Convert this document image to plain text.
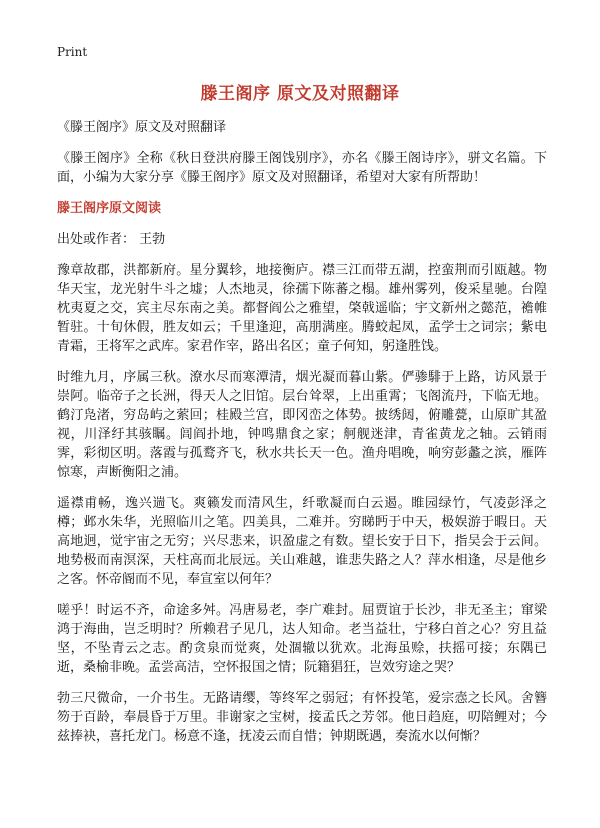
Print
滕王阁序 原文及对照翻译

《滕王阁序》原文及对照翻译

《滕王阁序》全称《秋日登洪府滕王阁饯别序》，亦名《滕王阁诗序》，骈文名篇。下面，小编为大家分享《滕王阁序》原文及对照翻译，希望对大家有所帮助！

滕王阁序原文阅读

出处或作者： 王勃

豫章故郡，洪都新府。星分翼轸，地接衡庐。襟三江而带五湖，控蛮荆而引瓯越。物华天宝，龙光射牛斗之墟；人杰地灵，徐孺下陈蕃之榻。雄州雾列，俊采星驰。台隍枕夷夏之交，宾主尽东南之美。都督阎公之雅望，棨戟遥临；宇文新州之懿范，襜帷暂驻。十旬休假，胜友如云；千里逢迎，高朋满座。腾蛟起凤，孟学士之词宗；紫电青霜，王将军之武库。家君作宰，路出名区；童子何知，躬逢胜饯。

时维九月，序属三秋。潦水尽而寒潭清，烟光凝而暮山紫。俨骖騑于上路，访风景于崇阿。临帝子之长洲，得天人之旧馆。层台耸翠，上出重霄；飞阁流丹，下临无地。鹤汀凫渚，穷岛屿之萦回；桂殿兰宫，即冈峦之体势。披绣闼，俯雕甍，山原旷其盈视，川泽纡其骇瞩。闾阎扑地，钟鸣鼎食之家；舸舰迷津，青雀黄龙之轴。云销雨霁，彩彻区明。落霞与孤鹜齐飞，秋水共长天一色。渔舟唱晚，响穷彭蠡之滨，雁阵惊寒，声断衡阳之浦。

遥襟甫畅，逸兴遄飞。爽籁发而清风生，纤歌凝而白云遏。睢园绿竹，气凌彭泽之樽；邺水朱华，光照临川之笔。四美具，二难并。穷睇眄于中天，极娱游于暇日。天高地迥，觉宇宙之无穷；兴尽悲来，识盈虚之有数。望长安于日下，指吴会于云间。地势极而南溟深，天柱高而北辰远。关山难越，谁悲失路之人？萍水相逢，尽是他乡之客。怀帝阍而不见，奉宣室以何年？

嗟乎！时运不齐，命途多舛。冯唐易老，李广难封。屈贾谊于长沙，非无圣主；窜梁鸿于海曲，岂乏明时？所赖君子见几，达人知命。老当益壮，宁移白首之心？穷且益坚，不坠青云之志。酌贪泉而觉爽，处涸辙以犹欢。北海虽赊，扶摇可接；东隅已逝，桑榆非晚。孟尝高洁，空怀报国之情；阮籍猖狂，岂效穷途之哭？

勃三尺微命，一介书生。无路请缨，等终军之弱冠；有怀投笔，爱宗悫之长风。舍簪笏于百龄，奉晨昏于万里。非谢家之宝树，接孟氏之芳邻。他日趋庭，叨陪鲤对；今兹捧袂，喜托龙门。杨意不逢，抚凌云而自惜；钟期既遇，奏流水以何惭？
